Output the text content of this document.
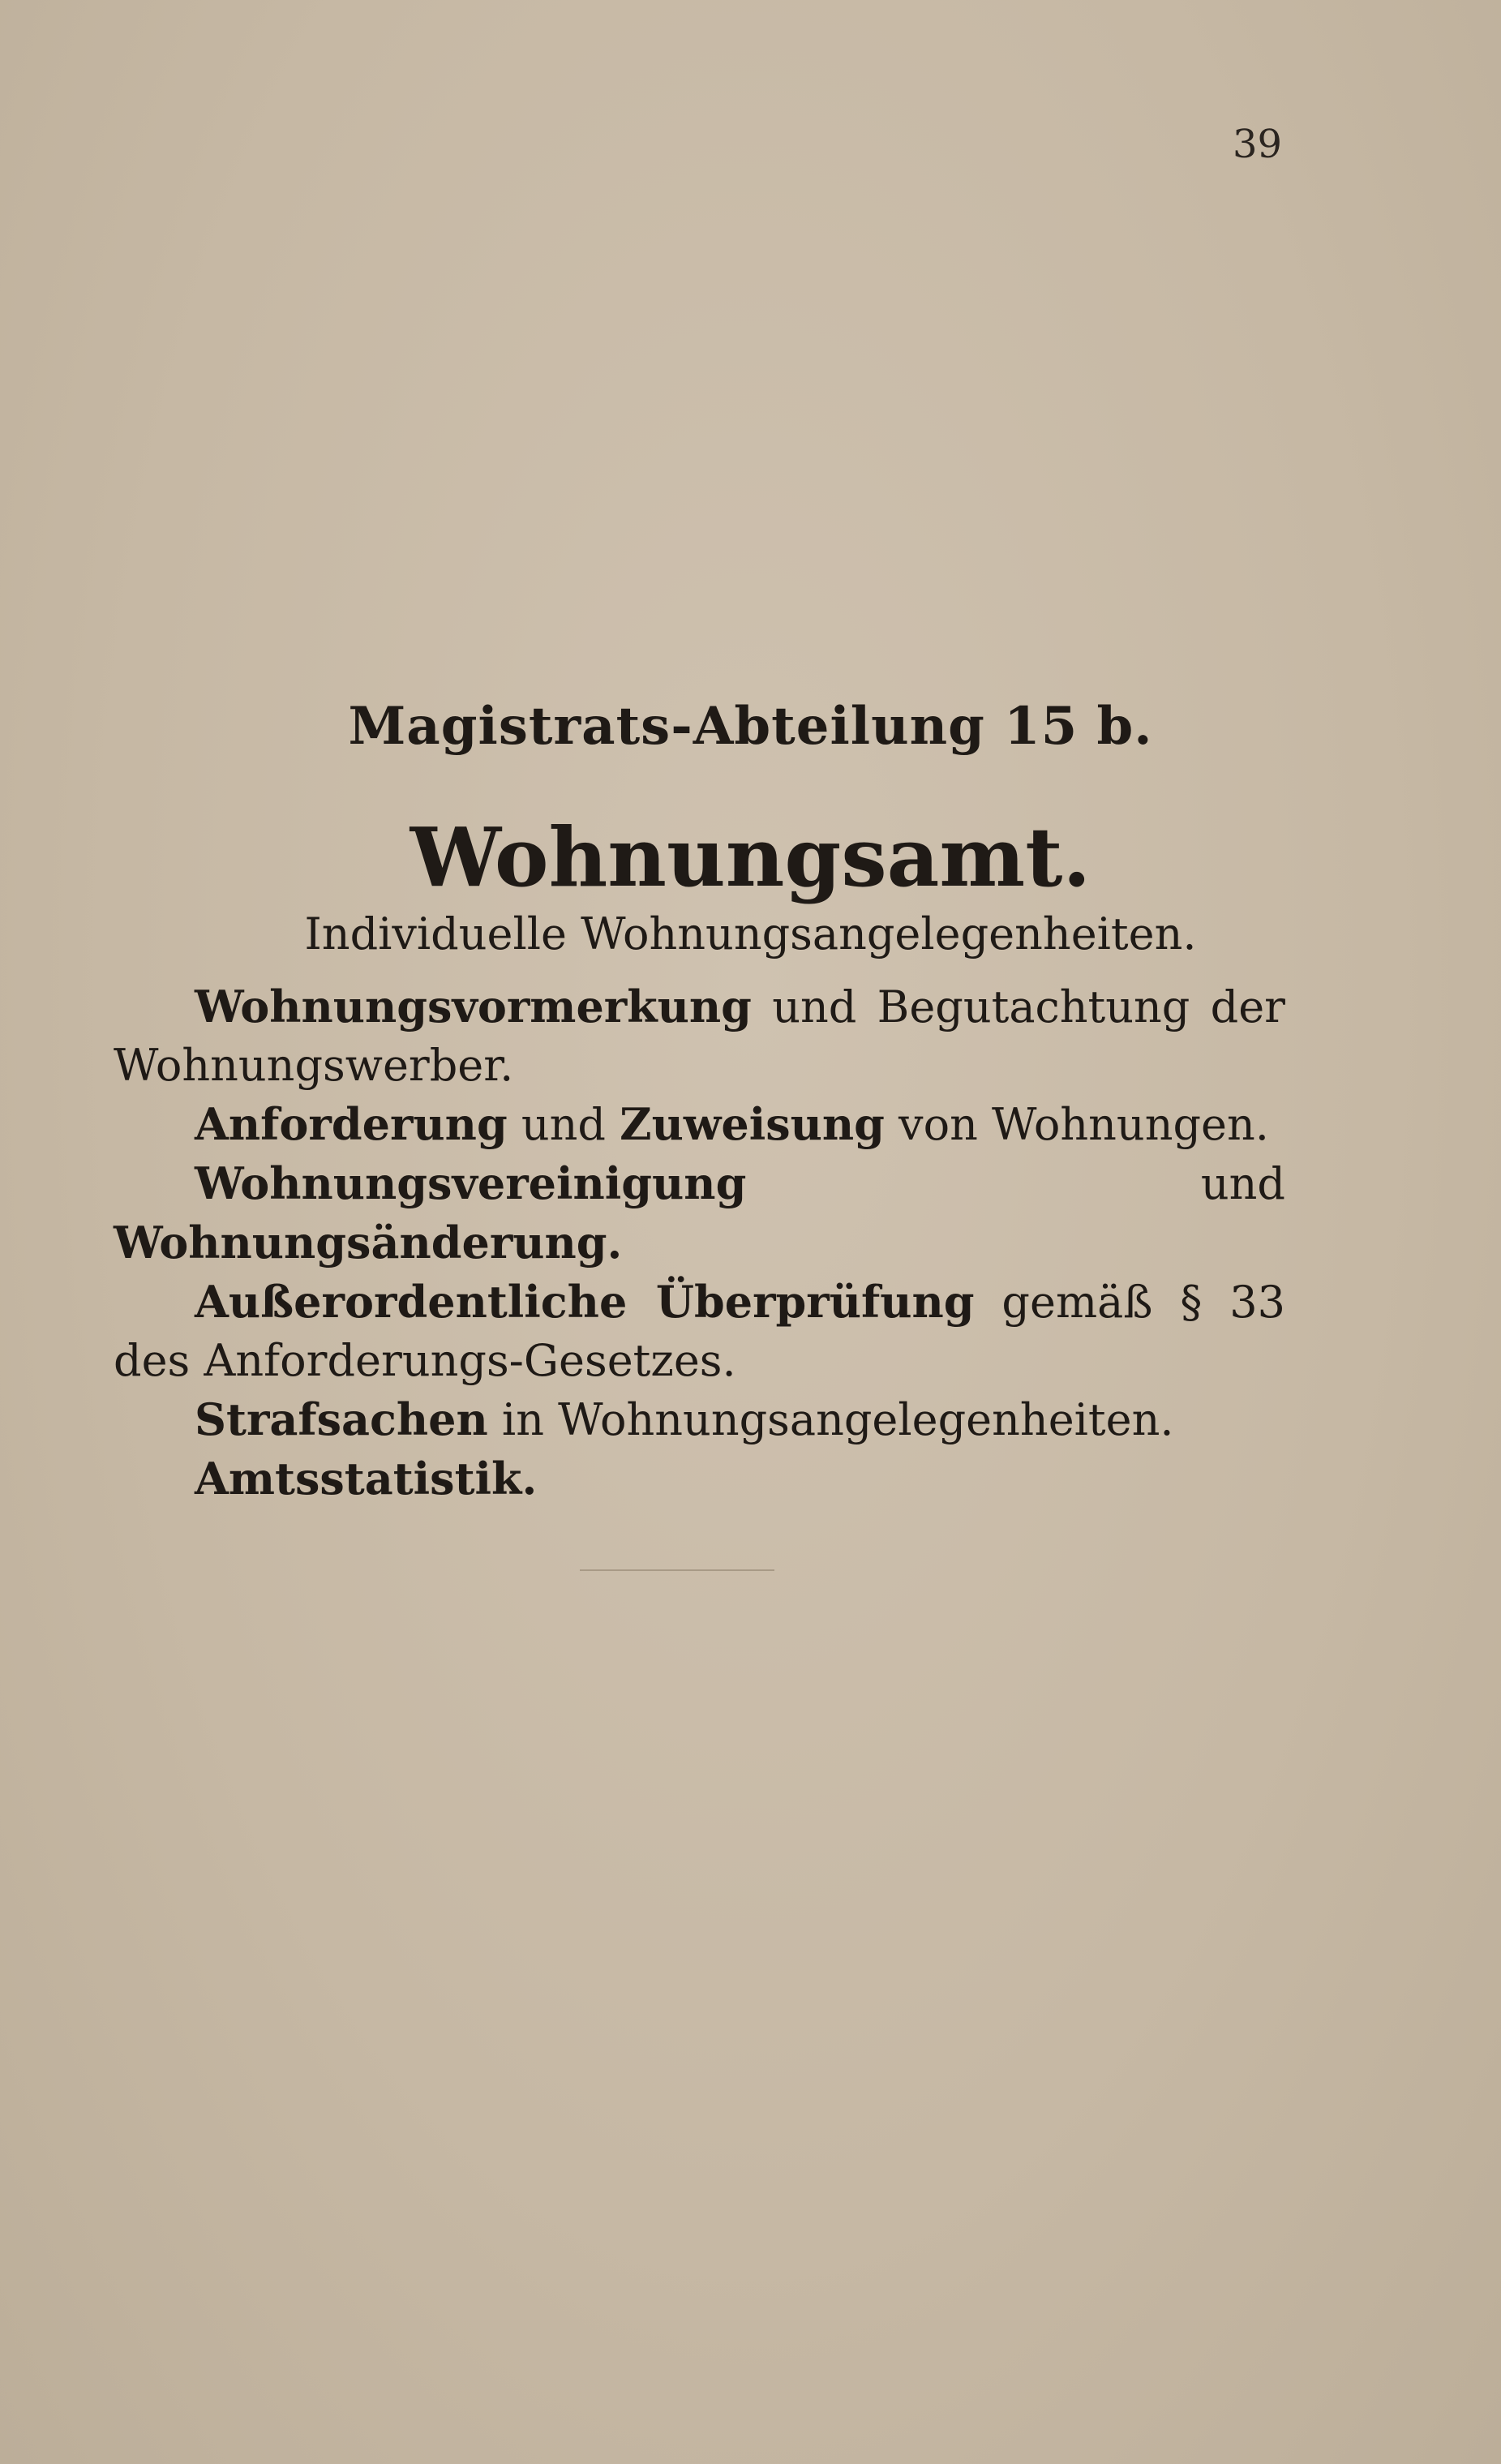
39
Magistrats-Abteilung 15 b.
Wohnungsamt.
Individuelle Wohnungsangelegenheiten.

Wohnungsvormerkung und Begutachtung der Wohnungswerber.

Anforderung und Zuweisung von Wohnungen.

Wohnungsvereinigung und Wohnungsänderung.

Außerordentliche Überprüfung gemäß § 33 des Anforderungs-Gesetzes.

Strafsachen in Wohnungsangelegenheiten.

Amtsstatistik.
